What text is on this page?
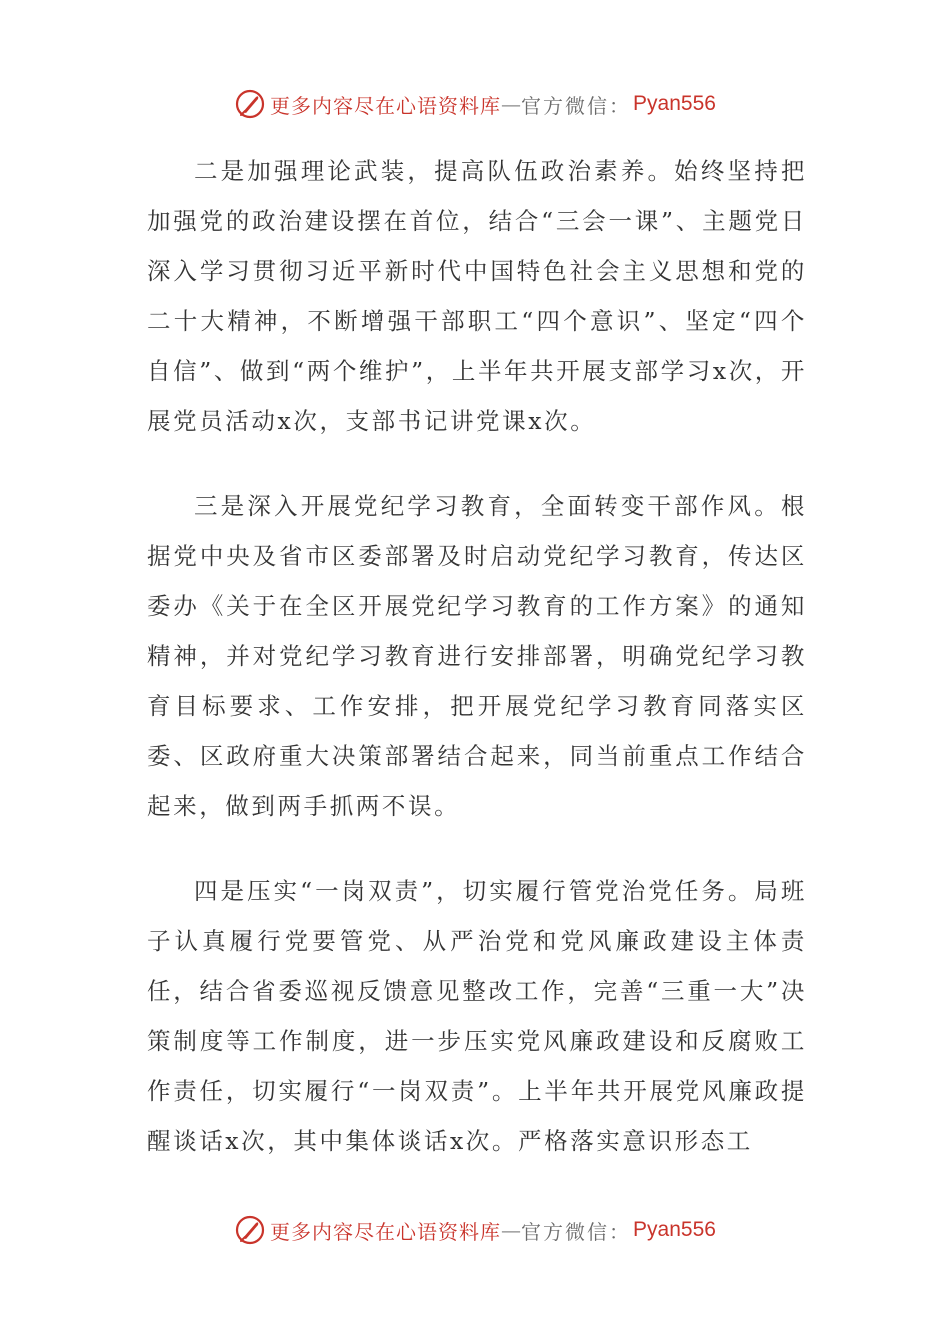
更多内容尽在心语资料库 — 官方微信： Pyan556

二是加强理论武装，提高队伍政治素养。始终坚持把加强党的政治建设摆在首位，结合“三会一课”、主题党日深入学习贯彻习近平新时代中国特色社会主义思想和党的二十大精神，不断增强干部职工“四个意识”、坚定“四个自信”、做到“两个维护”，上半年共开展支部学习x次，开展党员活动x次，支部书记讲党课x次。

三是深入开展党纪学习教育，全面转变干部作风。根据党中央及省市区委部署及时启动党纪学习教育，传达区委办《关于在全区开展党纪学习教育的工作方案》的通知精神，并对党纪学习教育进行安排部署，明确党纪学习教育目标要求、工作安排，把开展党纪学习教育同落实区委、区政府重大决策部署结合起来，同当前重点工作结合起来，做到两手抓两不误。

四是压实“一岗双责”，切实履行管党治党任务。局班子认真履行党要管党、从严治党和党风廉政建设主体责任，结合省委巡视反馈意见整改工作，完善“三重一大”决策制度等工作制度，进一步压实党风廉政建设和反腐败工作责任，切实履行“一岗双责”。上半年共开展党风廉政提醒谈话x次，其中集体谈话x次。严格落实意识形态工

更多内容尽在心语资料库 — 官方微信： Pyan556
